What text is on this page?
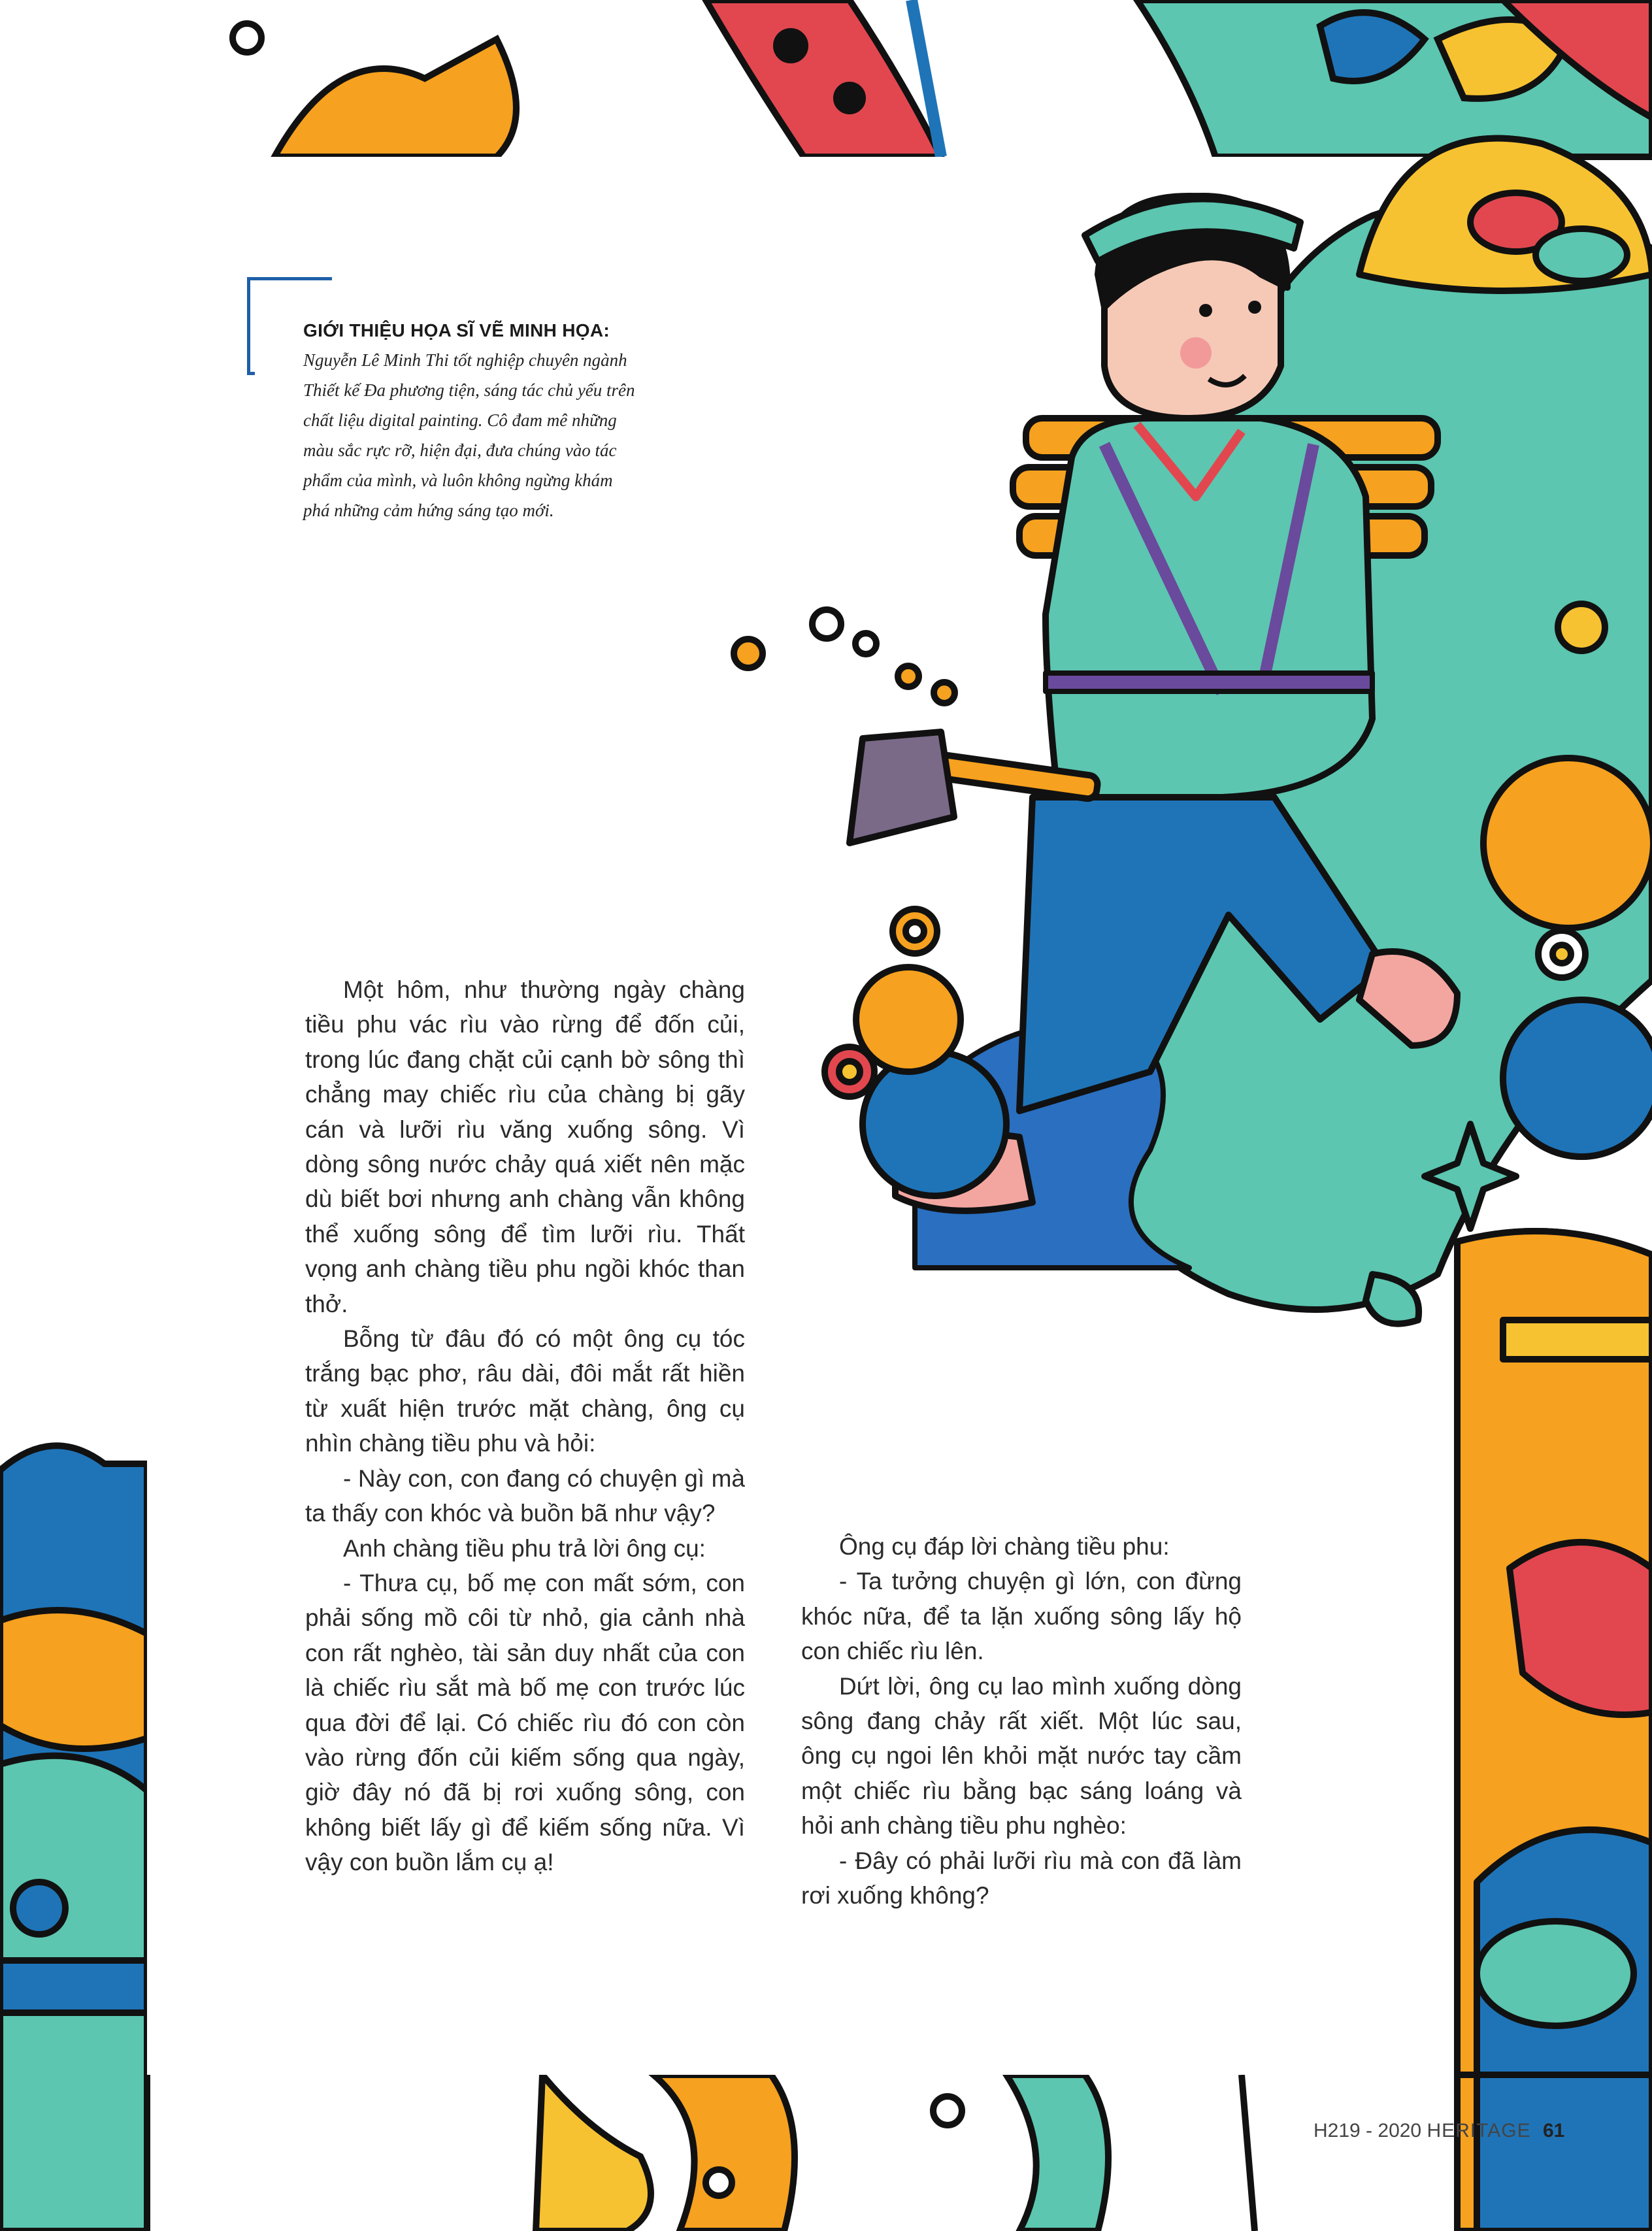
GIỚI THIỆU HỌA SĨ VẼ MINH HỌA:

Nguyễn Lê Minh Thi tốt nghiệp chuyên ngành Thiết kế Đa phương tiện, sáng tác chủ yếu trên chất liệu digital painting. Cô đam mê những màu sắc rực rỡ, hiện đại, đưa chúng vào tác phẩm của mình, và luôn không ngừng khám phá những cảm hứng sáng tạo mới.

Một hôm, như thường ngày chàng tiều phu vác rìu vào rừng để đốn củi, trong lúc đang chặt củi cạnh bờ sông thì chẳng may chiếc rìu của chàng bị gãy cán và lưỡi rìu văng xuống sông. Vì dòng sông nước chảy quá xiết nên mặc dù biết bơi nhưng anh chàng vẫn không thể xuống sông để tìm lưỡi rìu. Thất vọng anh chàng tiều phu ngồi khóc than thở.

Bỗng từ đâu đó có một ông cụ tóc trắng bạc phơ, râu dài, đôi mắt rất hiền từ xuất hiện trước mặt chàng, ông cụ nhìn chàng tiều phu và hỏi:

- Này con, con đang có chuyện gì mà ta thấy con khóc và buồn bã như vậy?

Anh chàng tiều phu trả lời ông cụ:

- Thưa cụ, bố mẹ con mất sớm, con phải sống mồ côi từ nhỏ, gia cảnh nhà con rất nghèo, tài sản duy nhất của con là chiếc rìu sắt mà bố mẹ con trước lúc qua đời để lại. Có chiếc rìu đó con còn vào rừng đốn củi kiếm sống qua ngày, giờ đây nó đã bị rơi xuống sông, con không biết lấy gì để kiếm sống nữa. Vì vậy con buồn lắm cụ ạ!

Ông cụ đáp lời chàng tiều phu:

- Ta tưởng chuyện gì lớn, con đừng khóc nữa, để ta lặn xuống sông lấy hộ con chiếc rìu lên.

Dứt lời, ông cụ lao mình xuống dòng sông đang chảy rất xiết. Một lúc sau, ông cụ ngoi lên khỏi mặt nước tay cầm một chiếc rìu bằng bạc sáng loáng và hỏi anh chàng tiều phu nghèo:

- Đây có phải lưỡi rìu mà con đã làm rơi xuống không?

H219 - 2020 HERITAGE 61
